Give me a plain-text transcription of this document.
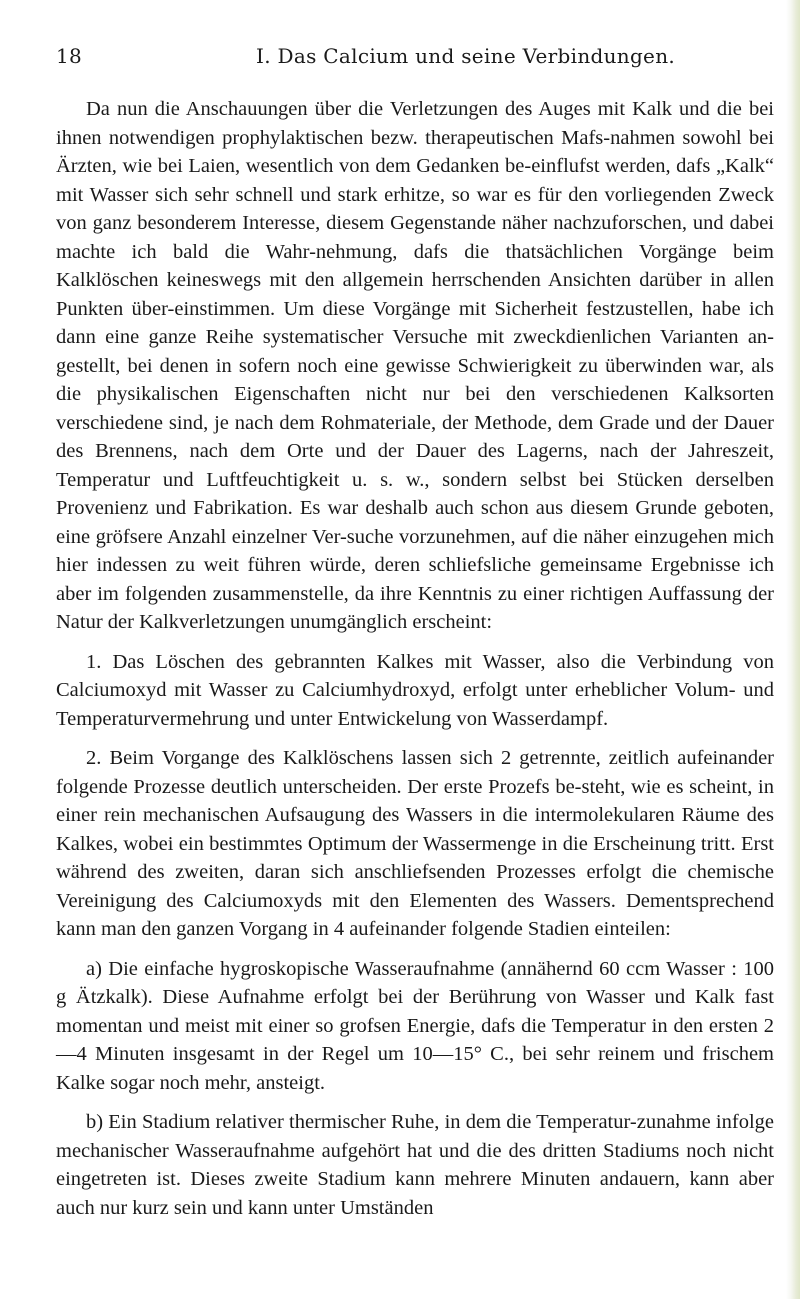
18	I. Das Calcium und seine Verbindungen.

Da nun die Anschauungen über die Verletzungen des Auges mit Kalk und die bei ihnen notwendigen prophylaktischen bezw. therapeutischen Mafs-nahmen sowohl bei Ärzten, wie bei Laien, wesentlich von dem Gedanken be-einflufst werden, dafs „Kalk“ mit Wasser sich sehr schnell und stark erhitze, so war es für den vorliegenden Zweck von ganz besonderem Interesse, diesem Gegenstande näher nachzuforschen, und dabei machte ich bald die Wahr-nehmung, dafs die thatsächlichen Vorgänge beim Kalklöschen keineswegs mit den allgemein herrschenden Ansichten darüber in allen Punkten über-einstimmen. Um diese Vorgänge mit Sicherheit festzustellen, habe ich dann eine ganze Reihe systematischer Versuche mit zweckdienlichen Varianten an-gestellt, bei denen in sofern noch eine gewisse Schwierigkeit zu überwinden war, als die physikalischen Eigenschaften nicht nur bei den verschiedenen Kalksorten verschiedene sind, je nach dem Rohmateriale, der Methode, dem Grade und der Dauer des Brennens, nach dem Orte und der Dauer des Lagerns, nach der Jahreszeit, Temperatur und Luftfeuchtigkeit u. s. w., sondern selbst bei Stücken derselben Provenienz und Fabrikation. Es war deshalb auch schon aus diesem Grunde geboten, eine gröfsere Anzahl einzelner Ver-suche vorzunehmen, auf die näher einzugehen mich hier indessen zu weit führen würde, deren schliefsliche gemeinsame Ergebnisse ich aber im folgenden zusammenstelle, da ihre Kenntnis zu einer richtigen Auffassung der Natur der Kalkverletzungen unumgänglich erscheint:

1. Das Löschen des gebrannten Kalkes mit Wasser, also die Verbindung von Calciumoxyd mit Wasser zu Calciumhydroxyd, erfolgt unter erheblicher Volum- und Temperaturvermehrung und unter Entwickelung von Wasserdampf.

2. Beim Vorgange des Kalklöschens lassen sich 2 getrennte, zeitlich aufeinander folgende Prozesse deutlich unterscheiden. Der erste Prozefs be-steht, wie es scheint, in einer rein mechanischen Aufsaugung des Wassers in die intermolekularen Räume des Kalkes, wobei ein bestimmtes Optimum der Wassermenge in die Erscheinung tritt. Erst während des zweiten, daran sich anschliefsenden Prozesses erfolgt die chemische Vereinigung des Calciumoxyds mit den Elementen des Wassers. Dementsprechend kann man den ganzen Vorgang in 4 aufeinander folgende Stadien einteilen:

a) Die einfache hygroskopische Wasseraufnahme (annähernd 60 ccm Wasser : 100 g Ätzkalk). Diese Aufnahme erfolgt bei der Berührung von Wasser und Kalk fast momentan und meist mit einer so grofsen Energie, dafs die Temperatur in den ersten 2—4 Minuten insgesamt in der Regel um 10—15° C., bei sehr reinem und frischem Kalke sogar noch mehr, ansteigt.

b) Ein Stadium relativer thermischer Ruhe, in dem die Temperatur-zunahme infolge mechanischer Wasseraufnahme aufgehört hat und die des dritten Stadiums noch nicht eingetreten ist. Dieses zweite Stadium kann mehrere Minuten andauern, kann aber auch nur kurz sein und kann unter Umständen
